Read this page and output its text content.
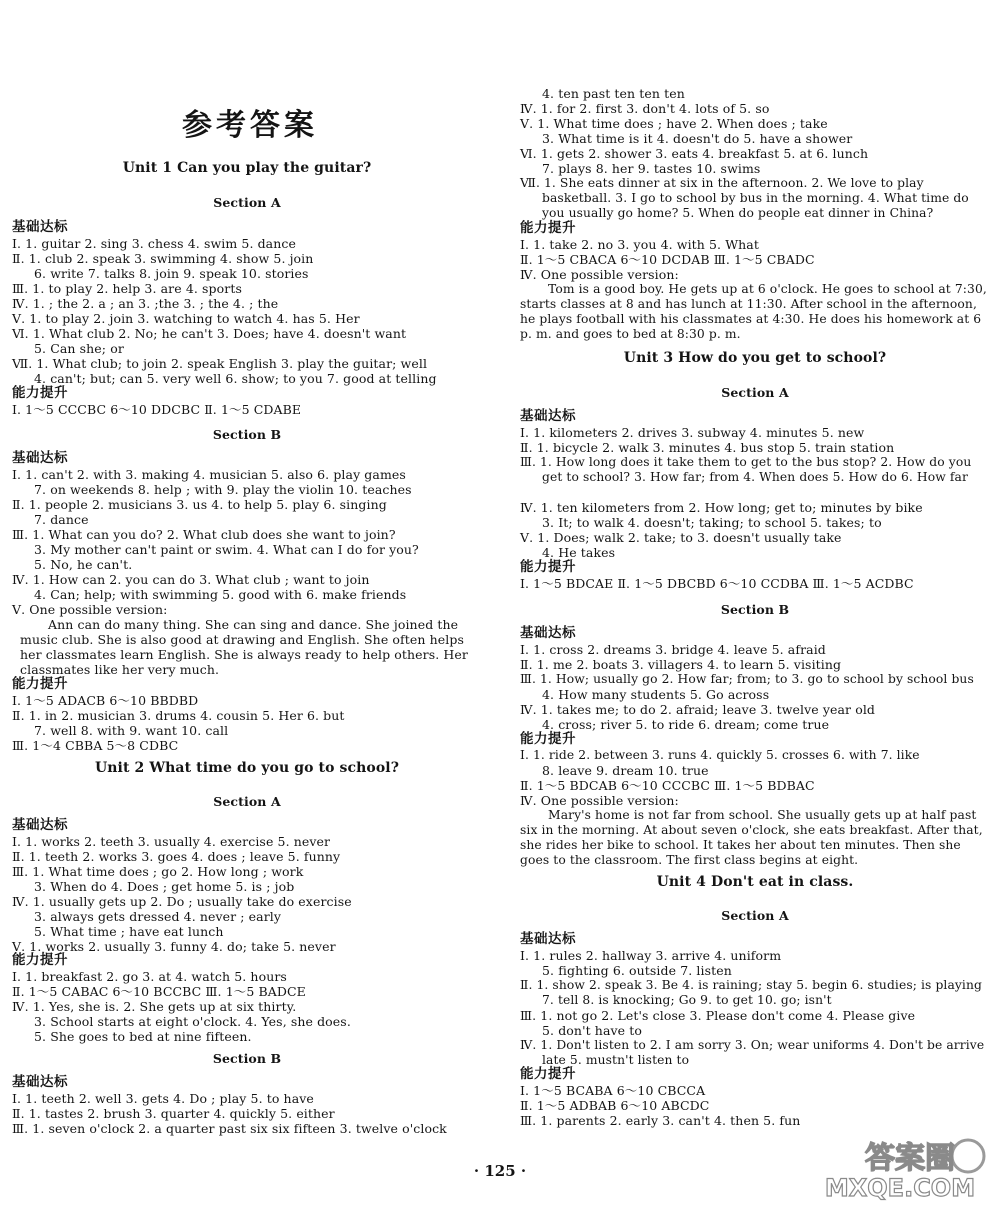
参考答案
Unit 1 Can you play the guitar?
Section A
基础达标
Ⅰ. 1. guitar 2. sing 3. chess 4. swim 5. dance
Ⅱ. 1. club 2. speak 3. swimming 4. show 5. join
6. write 7. talks 8. join 9. speak 10. stories
Ⅲ. 1. to play 2. help 3. are 4. sports
Ⅳ. 1. ; the 2. a ; an 3. ;the 3. ; the 4. ; the
Ⅴ. 1. to play 2. join 3. watching to watch 4. has 5. Her
Ⅵ. 1. What club 2. No; he can't 3. Does; have 4. doesn't want
5. Can she; or
Ⅶ. 1. What club; to join 2. speak English 3. play the guitar; well
4. can't; but; can 5. very well 6. show; to you 7. good at telling
能力提升
Ⅰ. 1～5 CCCBC 6～10 DDCBC Ⅱ. 1～5 CDABE
Section B
基础达标
Ⅰ. 1. can't 2. with 3. making 4. musician 5. also 6. play games
7. on weekends 8. help ; with 9. play the violin 10. teaches
Ⅱ. 1. people 2. musicians 3. us 4. to help 5. play 6. singing
7. dance
Ⅲ. 1. What can you do? 2. What club does she want to join?
3. My mother can't paint or swim. 4. What can I do for you?
5. No, he can't.
Ⅳ. 1. How can 2. you can do 3. What club ; want to join
4. Can; help; with swimming 5. good with 6. make friends
Ⅴ. One possible version:
Ann can do many thing. She can sing and dance. She joined the music club. She is also good at drawing and English. She often helps her classmates learn English. She is always ready to help others. Her classmates like her very much.
能力提升
Ⅰ. 1～5 ADACB 6～10 BBDBD
Ⅱ. 1. in 2. musician 3. drums 4. cousin 5. Her 6. but
7. well 8. with 9. want 10. call
Ⅲ. 1～4 CBBA 5～8 CDBC
Unit 2 What time do you go to school?
Section A
基础达标
Ⅰ. 1. works 2. teeth 3. usually 4. exercise 5. never
Ⅱ. 1. teeth 2. works 3. goes 4. does ; leave 5. funny
Ⅲ. 1. What time does ; go 2. How long ; work
3. When do 4. Does ; get home 5. is ; job
Ⅳ. 1. usually gets up 2. Do ; usually take do exercise
3. always gets dressed 4. never ; early
5. What time ; have eat lunch
Ⅴ. 1. works 2. usually 3. funny 4. do; take 5. never
能力提升
Ⅰ. 1. breakfast 2. go 3. at 4. watch 5. hours
Ⅱ. 1～5 CABAC 6～10 BCCBC Ⅲ. 1～5 BADCE
Ⅳ. 1. Yes, she is. 2. She gets up at six thirty.
3. School starts at eight o'clock. 4. Yes, she does.
5. She goes to bed at nine fifteen.
Section B
基础达标
Ⅰ. 1. teeth 2. well 3. gets 4. Do ; play 5. to have
Ⅱ. 1. tastes 2. brush 3. quarter 4. quickly 5. either
Ⅲ. 1. seven o'clock 2. a quarter past six six fifteen 3. twelve o'clock
4. ten past ten ten ten
Ⅳ. 1. for 2. first 3. don't 4. lots of 5. so
Ⅴ. 1. What time does ; have 2. When does ; take
3. What time is it 4. doesn't do 5. have a shower
Ⅵ. 1. gets 2. shower 3. eats 4. breakfast 5. at 6. lunch
7. plays 8. her 9. tastes 10. swims
Ⅶ. 1. She eats dinner at six in the afternoon. 2. We love to play basketball. 3. I go to school by bus in the morning. 4. What time do you usually go home? 5. When do people eat dinner in China?
能力提升
Ⅰ. 1. take 2. no 3. you 4. with 5. What
Ⅱ. 1～5 CBACA 6～10 DCDAB Ⅲ. 1～5 CBADC
Ⅳ. One possible version:
Tom is a good boy. He gets up at 6 o'clock. He goes to school at 7:30, starts classes at 8 and has lunch at 11:30. After school in the afternoon, he plays football with his classmates at 4:30. He does his homework at 6 p. m. and goes to bed at 8:30 p. m.
Unit 3 How do you get to school?
Section A
基础达标
Ⅰ. 1. kilometers 2. drives 3. subway 4. minutes 5. new
Ⅱ. 1. bicycle 2. walk 3. minutes 4. bus stop 5. train station
Ⅲ. 1. How long does it take them to get to the bus stop? 2. How do you get to school? 3. How far; from 4. When does 5. How do 6. How far
Ⅳ. 1. ten kilometers from 2. How long; get to; minutes by bike
3. It; to walk 4. doesn't; taking; to school 5. takes; to
Ⅴ. 1. Does; walk 2. take; to 3. doesn't usually take
4. He takes
能力提升
Ⅰ. 1～5 BDCAE Ⅱ. 1～5 DBCBD 6～10 CCDBA Ⅲ. 1～5 ACDBC
Section B
基础达标
Ⅰ. 1. cross 2. dreams 3. bridge 4. leave 5. afraid
Ⅱ. 1. me 2. boats 3. villagers 4. to learn 5. visiting
Ⅲ. 1. How; usually go 2. How far; from; to 3. go to school by school bus
4. How many students 5. Go across
Ⅳ. 1. takes me; to do 2. afraid; leave 3. twelve year old
4. cross; river 5. to ride 6. dream; come true
能力提升
Ⅰ. 1. ride 2. between 3. runs 4. quickly 5. crosses 6. with 7. like
8. leave 9. dream 10. true
Ⅱ. 1～5 BDCAB 6～10 CCCBC Ⅲ. 1～5 BDBAC
Ⅳ. One possible version:
Mary's home is not far from school. She usually gets up at half past six in the morning. At about seven o'clock, she eats breakfast. After that, she rides her bike to school. It takes her about ten minutes. Then she goes to the classroom. The first class begins at eight.
Unit 4 Don't eat in class.
Section A
基础达标
Ⅰ. 1. rules 2. hallway 3. arrive 4. uniform
5. fighting 6. outside 7. listen
Ⅱ. 1. show 2. speak 3. Be 4. is raining; stay 5. begin 6. studies; is playing 7. tell 8. is knocking; Go 9. to get 10. go; isn't
Ⅲ. 1. not go 2. Let's close 3. Please don't come 4. Please give
5. don't have to
Ⅳ. 1. Don't listen to 2. I am sorry 3. On; wear uniforms 4. Don't be arrive late 5. mustn't listen to
能力提升
Ⅰ. 1～5 BCABA 6～10 CBCCA
Ⅱ. 1～5 ADBAB 6～10 ABCDC
Ⅲ. 1. parents 2. early 3. can't 4. then 5. fun
· 125 ·	答案圈
MXQE.COM
